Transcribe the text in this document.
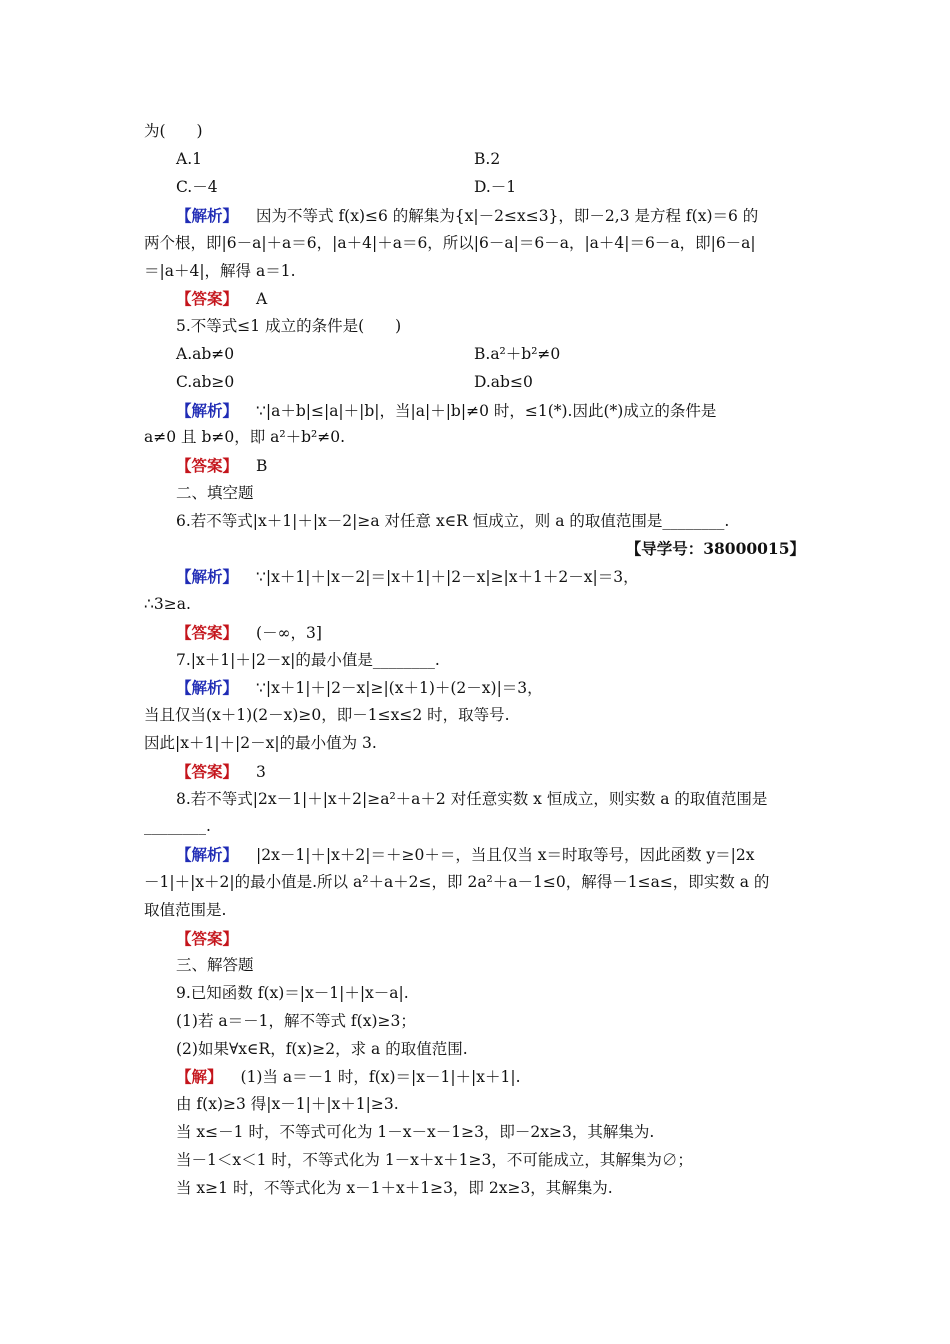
为(　　)
A.1	B.2
C.－4	D.－1
【解析】 因为不等式 f(x)≤6 的解集为{x|－2≤x≤3}，即－2,3 是方程 f(x)＝6 的
两个根，即|6－a|＋a＝6，|a＋4|＋a＝6，所以|6－a|＝6－a，|a＋4|＝6－a，即|6－a|
＝|a＋4|，解得 a＝1.
【答案】 A
5.不等式≤1 成立的条件是(　　)
A.ab≠0	B.a²＋b²≠0
C.ab≥0	D.ab≤0
【解析】 ∵|a＋b|≤|a|＋|b|，当|a|＋|b|≠0 时，≤1(*).因此(*)成立的条件是
a≠0 且 b≠0，即 a²＋b²≠0.
【答案】 B
二、填空题
6.若不等式|x＋1|＋|x－2|≥a 对任意 x∈R 恒成立，则 a 的取值范围是________.
【导学号：38000015】
【解析】 ∵|x＋1|＋|x－2|＝|x＋1|＋|2－x|≥|x＋1＋2－x|＝3，
∴3≥a.
【答案】 (－∞，3]
7.|x＋1|＋|2－x|的最小值是________.
【解析】 ∵|x＋1|＋|2－x|≥|(x＋1)＋(2－x)|＝3，
当且仅当(x＋1)(2－x)≥0，即－1≤x≤2 时，取等号.
因此|x＋1|＋|2－x|的最小值为 3.
【答案】 3
8.若不等式|2x－1|＋|x＋2|≥a²＋a＋2 对任意实数 x 恒成立，则实数 a 的取值范围是
________.
【解析】 |2x－1|＋|x＋2|＝＋≥0＋＝，当且仅当 x＝时取等号，因此函数 y＝|2x
－1|＋|x＋2|的最小值是.所以 a²＋a＋2≤，即 2a²＋a－1≤0，解得－1≤a≤，即实数 a 的
取值范围是.
【答案】
三、解答题
9.已知函数 f(x)＝|x－1|＋|x－a|.
(1)若 a＝－1，解不等式 f(x)≥3；
(2)如果∀x∈R，f(x)≥2，求 a 的取值范围.
【解】 (1)当 a＝－1 时，f(x)＝|x－1|＋|x＋1|.
由 f(x)≥3 得|x－1|＋|x＋1|≥3.
当 x≤－1 时，不等式可化为 1－x－x－1≥3，即－2x≥3，其解集为.
当－1＜x＜1 时，不等式化为 1－x＋x＋1≥3，不可能成立，其解集为∅；
当 x≥1 时，不等式化为 x－1＋x＋1≥3，即 2x≥3，其解集为.
